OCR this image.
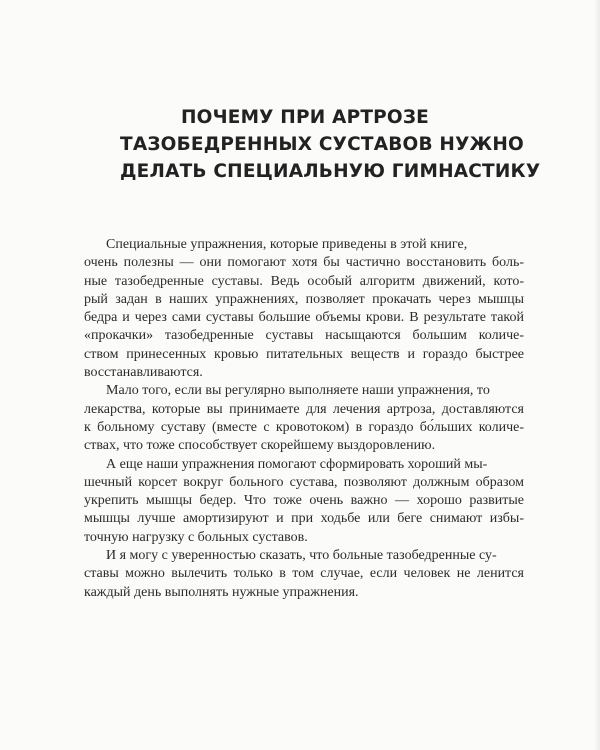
ПОЧЕМУ ПРИ АРТРОЗЕ
ТАЗОБЕДРЕННЫХ СУСТАВОВ НУЖНО
ДЕЛАТЬ СПЕЦИАЛЬНУЮ ГИМНАСТИКУ

Специальные упражнения, которые приведены в этой книге,
очень полезны — они помогают хотя бы частично восстановить боль-
ные тазобедренные суставы. Ведь особый алгоритм движений, кото-
рый задан в наших упражнениях, позволяет прокачать через мышцы
бедра и через сами суставы большие объемы крови. В результате такой
«прокачки» тазобедренные суставы насыщаются большим количе-
ством принесенных кровью питательных веществ и гораздо быстрее
восстанавливаются.

Мало того, если вы регулярно выполняете наши упражнения, то
лекарства, которые вы принимаете для лечения артроза, доставляются
к больному суставу (вместе с кровотоком) в гораздо бо́льших количе-
ствах, что тоже способствует скорейшему выздоровлению.

А еще наши упражнения помогают сформировать хороший мы-
шечный корсет вокруг больного сустава, позволяют должным образом
укрепить мышцы бедер. Что тоже очень важно — хорошо развитые
мышцы лучше амортизируют и при ходьбе или беге снимают избы-
точную нагрузку с больных суставов.

И я могу с уверенностью сказать, что больные тазобедренные су-
ставы можно вылечить только в том случае, если человек не ленится
каждый день выполнять нужные упражнения.
